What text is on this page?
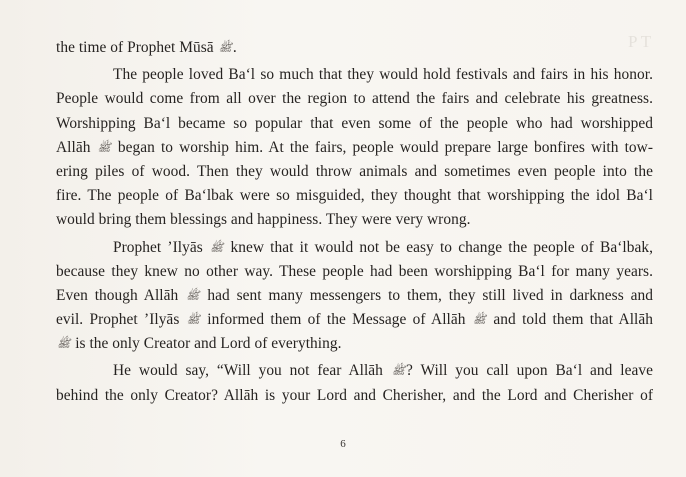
P T
the time of Prophet Mūsā ﷺ.
The people loved Ba‘l so much that they would hold festivals and fairs in his honor.
People would come from all over the region to attend the fairs and celebrate his greatness.
Worshipping Ba‘l became so popular that even some of the people who had worshipped
Allāh ﷺ began to worship him. At the fairs, people would prepare large bonfires with tow-
ering piles of wood. Then they would throw animals and sometimes even people into the
fire. The people of Ba‘lbak were so misguided, they thought that worshipping the idol Ba‘l
would bring them blessings and happiness. They were very wrong.
Prophet ’Ilyās ﷺ knew that it would not be easy to change the people of Ba‘lbak,
because they knew no other way. These people had been worshipping Ba‘l for many years.
Even though Allāh ﷺ had sent many messengers to them, they still lived in darkness and
evil. Prophet ’Ilyās ﷺ informed them of the Message of Allāh ﷺ and told them that Allāh
ﷺ is the only Creator and Lord of everything.
He would say, “Will you not fear Allāh ﷺ? Will you call upon Ba‘l and leave
behind the only Creator? Allāh is your Lord and Cherisher, and the Lord and Cherisher of
6
